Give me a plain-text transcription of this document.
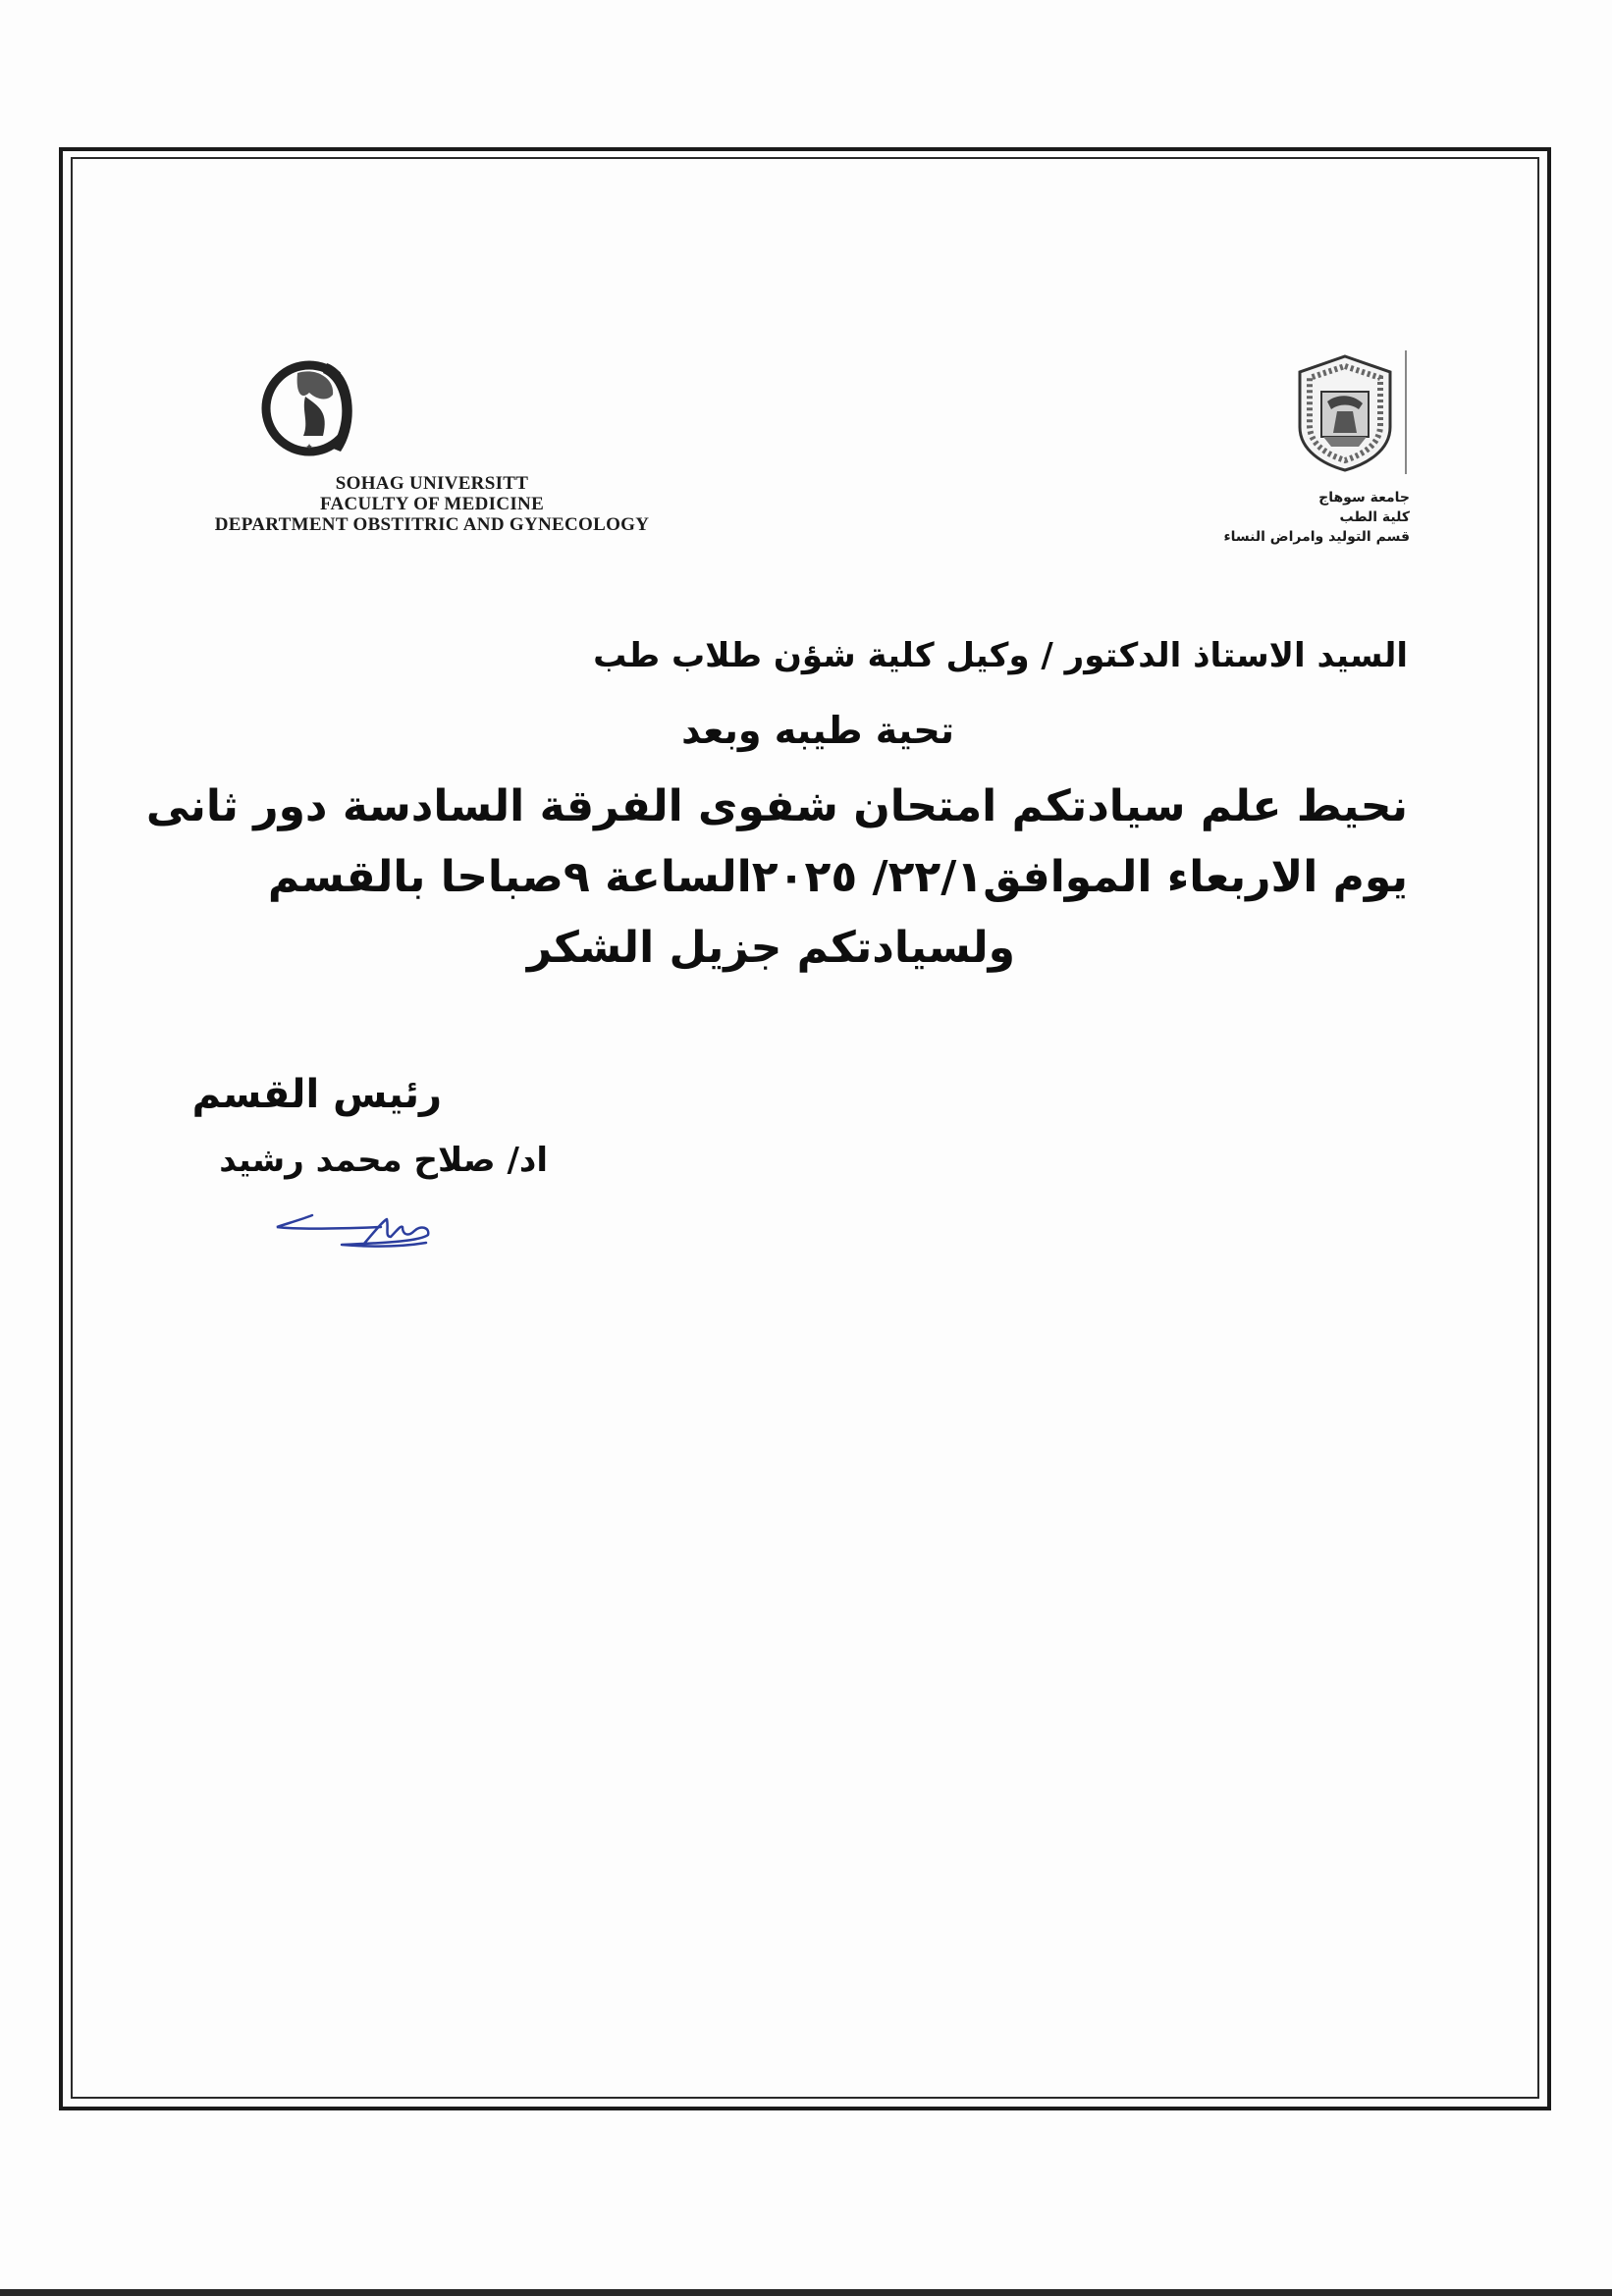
✦
SOHAG UNIVERSITT
FACULTY OF MEDICINE
DEPARTMENT OBSTITRIC AND GYNECOLOGY
جامعة سوهاج
كلية الطب
قسم التوليد وامراض النساء
السيد الاستاذ الدكتور / وكيل كلية شؤن طلاب طب
تحية طيبه وبعد
نحيط علم سيادتكم امتحان شفوى الفرقة السادسة دور ثانى
يوم الاربعاء الموافق٢٢/١/ ٢٠٢٥الساعة ٩صباحا بالقسم
ولسيادتكم جزيل الشكر
رئيس القسم
اد/ صلاح محمد رشيد
